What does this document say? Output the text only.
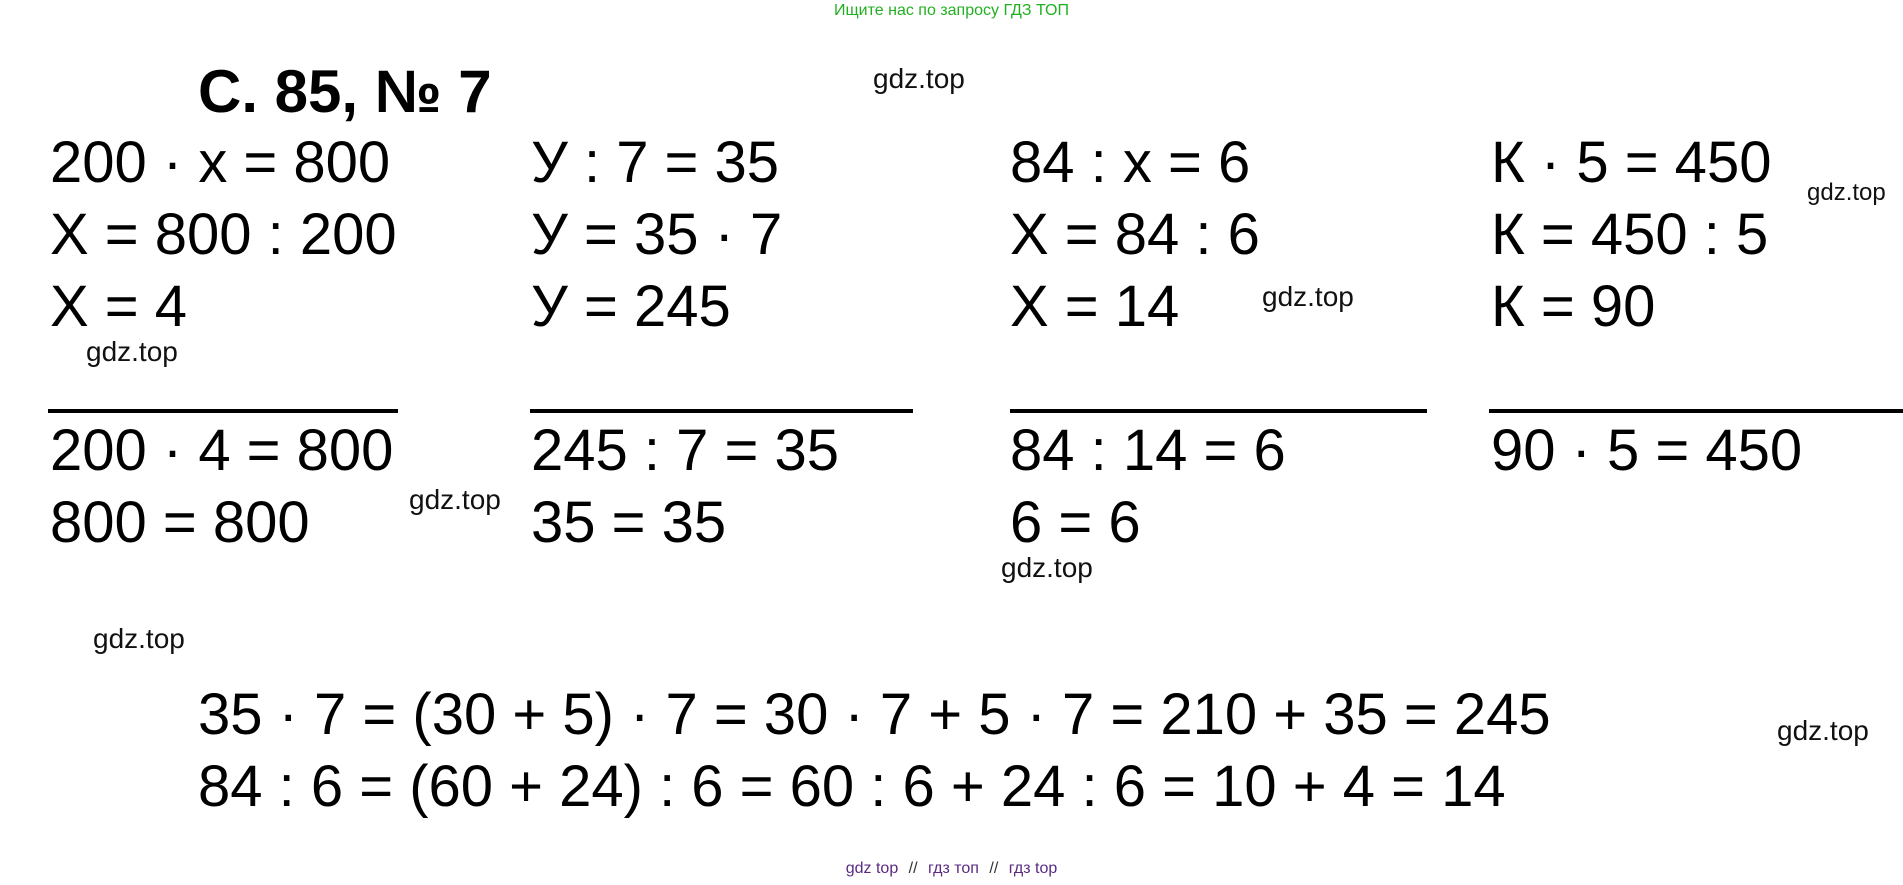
Ищите нас по запросу ГДЗ ТОП
С. 85, № 7
200 · х = 800
Х = 800 : 200
Х = 4
200 · 4 = 800
800 = 800
У : 7 = 35
У = 35 · 7
У = 245
245 : 7 = 35
35 = 35
84 : х = 6
Х = 84 : 6
Х = 14
84 : 14 = 6
6 = 6
К · 5 = 450
К = 450 : 5
К = 90
90 · 5 = 450
35 · 7 = (30 + 5) · 7 = 30 · 7 + 5 · 7 = 210 + 35 = 245
84 : 6 = (60 + 24) : 6 = 60 : 6 + 24 : 6 = 10 + 4 = 14
gdz.top
gdz.top
gdz.top
gdz.top
gdz.top
gdz.top
gdz.top
gdz.top
gdz top // гдз топ // гдз top
